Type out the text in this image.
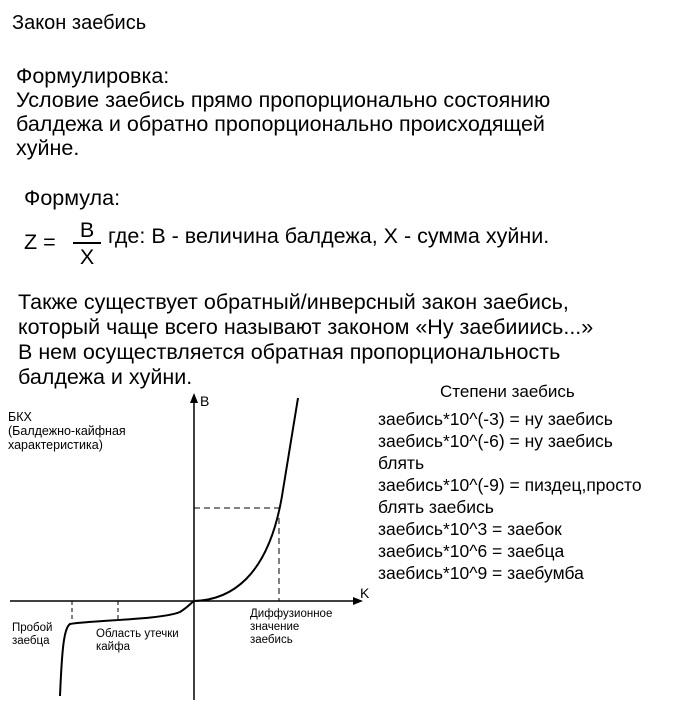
Закон заебись
Формулировка:
Условие заебись прямо пропорционально состоянию
балдежа и обратно пропорционально происходящей
хуйне.
Формула:
Z =	B
X
где: В - величина балдежа, Х - сумма хуйни.
Также существует обратный/инверсный закон заебись,
который чаще всего называют законом «Ну заебииись...»
В нем осуществляется обратная пропорциональность
балдежа и хуйни.
Степени заебись
заебись*10^(-3) = ну заебись
заебись*10^(-6) = ну заебись
блять
заебись*10^(-9) = пиздец,просто
блять заебись
заебись*10^3 = заебок
заебись*10^6 = заебца
заебись*10^9 = заебумба
БКХ
(Балдежно-кайфная
характеристика)
B
K
Пробой
заебца
Область утечки
кайфа
Диффузионное
значение
заебись
